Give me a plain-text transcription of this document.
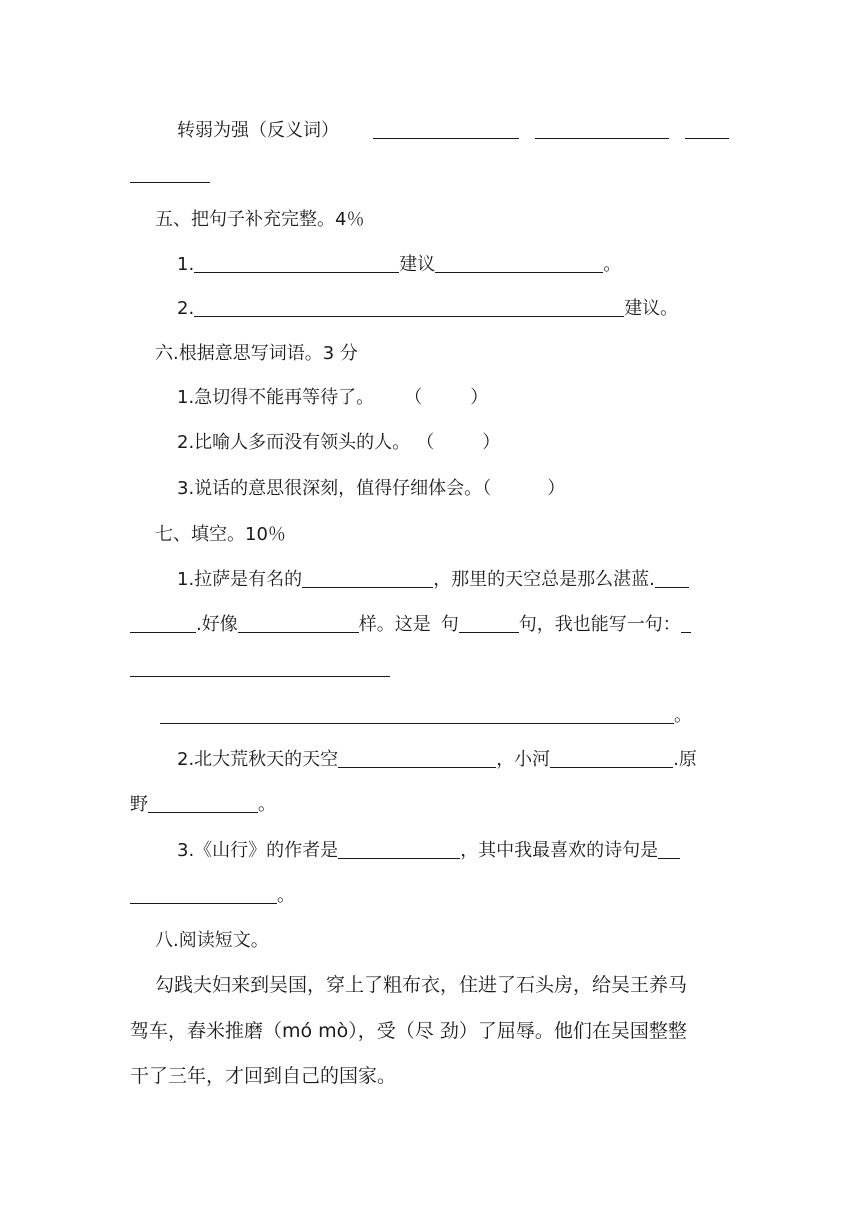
转弱为强（反义词）
五、把句子补充完整。4％
1.	建议	。
2.	建议。
六.根据意思写词语。3 分
1.急切得不能再等待了。 （	）
2.比喻人多而没有领头的人。 （	）
3.说话的意思很深刻，值得仔细体会。（	）
七、填空。10％
1.拉萨是有名的	，那里的天空总是那么湛蓝.
.好像	样。这是 句	句，我也能写一句：
。
2.北大荒秋天的天空	，小河	.原
野	。
3.《山行》的作者是	，其中我最喜欢的诗句是
。
八.阅读短文。
勾践夫妇来到吴国，穿上了粗布衣，住进了石头房，给吴王养马
驾车，舂米推磨（mó mò），受（尽 劲）了屈辱。他们在吴国整整
干了三年，才回到自己的国家。
